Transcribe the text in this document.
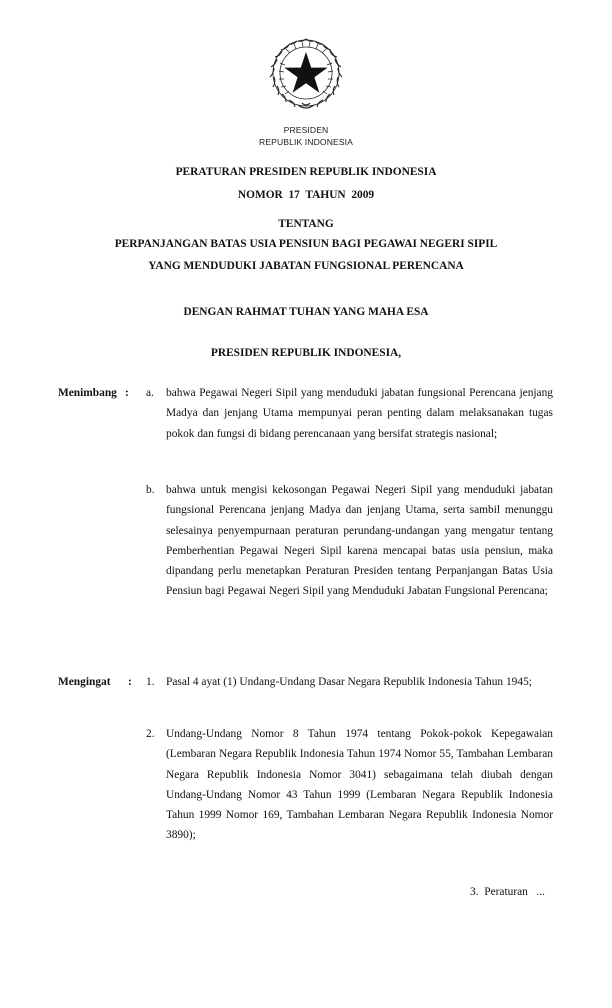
PRESIDEN
REPUBLIK INDONESIA
PERATURAN PRESIDEN REPUBLIK INDONESIA
NOMOR  17  TAHUN  2009
TENTANG
PERPANJANGAN BATAS USIA PENSIUN BAGI PEGAWAI NEGERI SIPIL
YANG MENDUDUKI JABATAN FUNGSIONAL PERENCANA
DENGAN RAHMAT TUHAN YANG MAHA ESA
PRESIDEN REPUBLIK INDONESIA,
Menimbang : a. bahwa Pegawai Negeri Sipil yang menduduki jabatan fungsional Perencana jenjang Madya dan jenjang Utama mempunyai peran penting dalam melaksanakan tugas pokok dan fungsi di bidang perencanaan yang bersifat strategis nasional;
b. bahwa untuk mengisi kekosongan Pegawai Negeri Sipil yang menduduki jabatan fungsional Perencana jenjang Madya dan jenjang Utama, serta sambil menunggu selesainya penyempurnaan peraturan perundang-undangan yang mengatur tentang Pemberhentian Pegawai Negeri Sipil karena mencapai batas usia pensiun, maka dipandang perlu menetapkan Peraturan Presiden tentang Perpanjangan Batas Usia Pensiun bagi Pegawai Negeri Sipil yang Menduduki Jabatan Fungsional Perencana;
Mengingat : 1. Pasal 4 ayat (1) Undang-Undang Dasar Negara Republik Indonesia Tahun 1945;
2. Undang-Undang Nomor 8 Tahun 1974 tentang Pokok-pokok Kepegawaian (Lembaran Negara Republik Indonesia Tahun 1974 Nomor 55, Tambahan Lembaran Negara Republik Indonesia Nomor 3041) sebagaimana telah diubah dengan Undang-Undang Nomor 43 Tahun 1999 (Lembaran Negara Republik Indonesia Tahun 1999 Nomor 169, Tambahan Lembaran Negara Republik Indonesia Nomor 3890);
3.  Peraturan   ...
